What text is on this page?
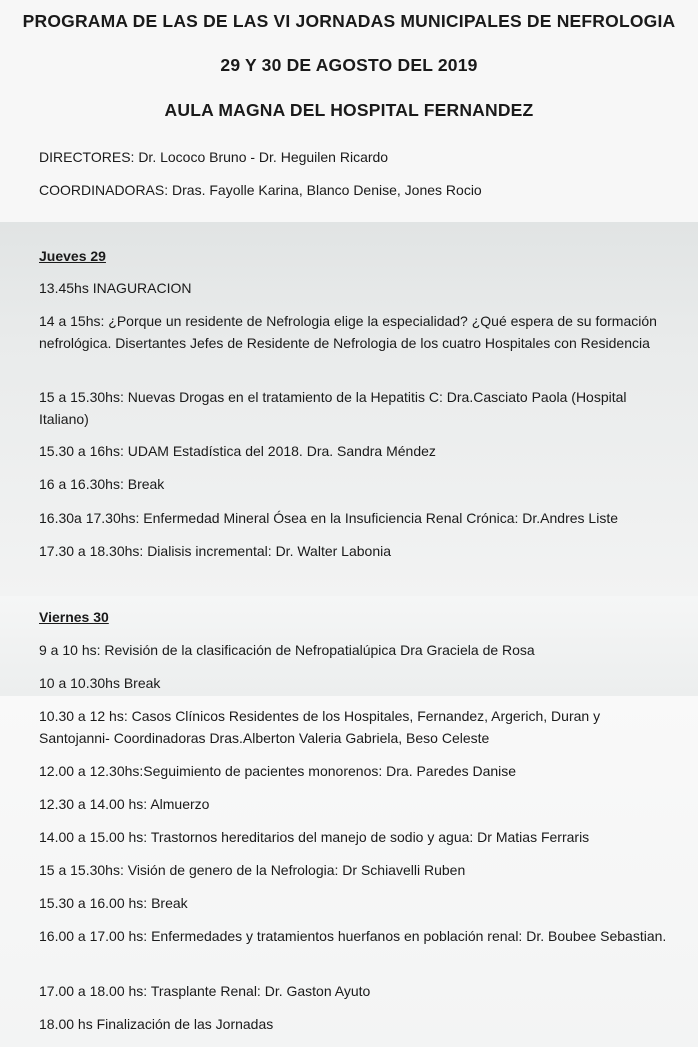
PROGRAMA DE LAS DE LAS VI JORNADAS MUNICIPALES DE NEFROLOGIA
29 Y 30 DE AGOSTO DEL 2019
AULA MAGNA DEL HOSPITAL FERNANDEZ
DIRECTORES: Dr. Lococo Bruno - Dr. Heguilen Ricardo
COORDINADORAS: Dras. Fayolle Karina, Blanco Denise, Jones Rocio
Jueves 29
13.45hs INAGURACION
14 a 15hs: ¿Porque un residente de Nefrologia elige la especialidad? ¿Qué espera de su formación nefrológica. Disertantes Jefes de Residente de Nefrologia de los cuatro Hospitales con Residencia
15 a 15.30hs: Nuevas Drogas en el tratamiento de la Hepatitis C: Dra.Casciato Paola (Hospital Italiano)
15.30 a 16hs: UDAM Estadística del 2018. Dra. Sandra Méndez
16 a 16.30hs: Break
16.30a 17.30hs: Enfermedad Mineral Ósea en la Insuficiencia Renal Crónica: Dr.Andres Liste
17.30 a 18.30hs: Dialisis incremental: Dr. Walter Labonia
Viernes 30
9 a 10 hs: Revisión de la clasificación de Nefropatialúpica Dra Graciela de Rosa
10 a 10.30hs Break
10.30 a 12 hs: Casos Clínicos Residentes de los Hospitales, Fernandez, Argerich, Duran y Santojanni- Coordinadoras Dras.Alberton Valeria Gabriela, Beso Celeste
12.00 a 12.30hs:Seguimiento de pacientes monorenos: Dra. Paredes Danise
12.30 a 14.00 hs: Almuerzo
14.00 a 15.00 hs: Trastornos hereditarios del manejo de sodio y agua: Dr Matias Ferraris
15 a 15.30hs: Visión de genero de la Nefrologia: Dr Schiavelli Ruben
15.30 a 16.00 hs: Break
16.00 a 17.00 hs: Enfermedades y tratamientos huerfanos en población renal: Dr. Boubee Sebastian.
17.00 a 18.00 hs: Trasplante Renal: Dr. Gaston Ayuto
18.00 hs Finalización de las Jornadas
